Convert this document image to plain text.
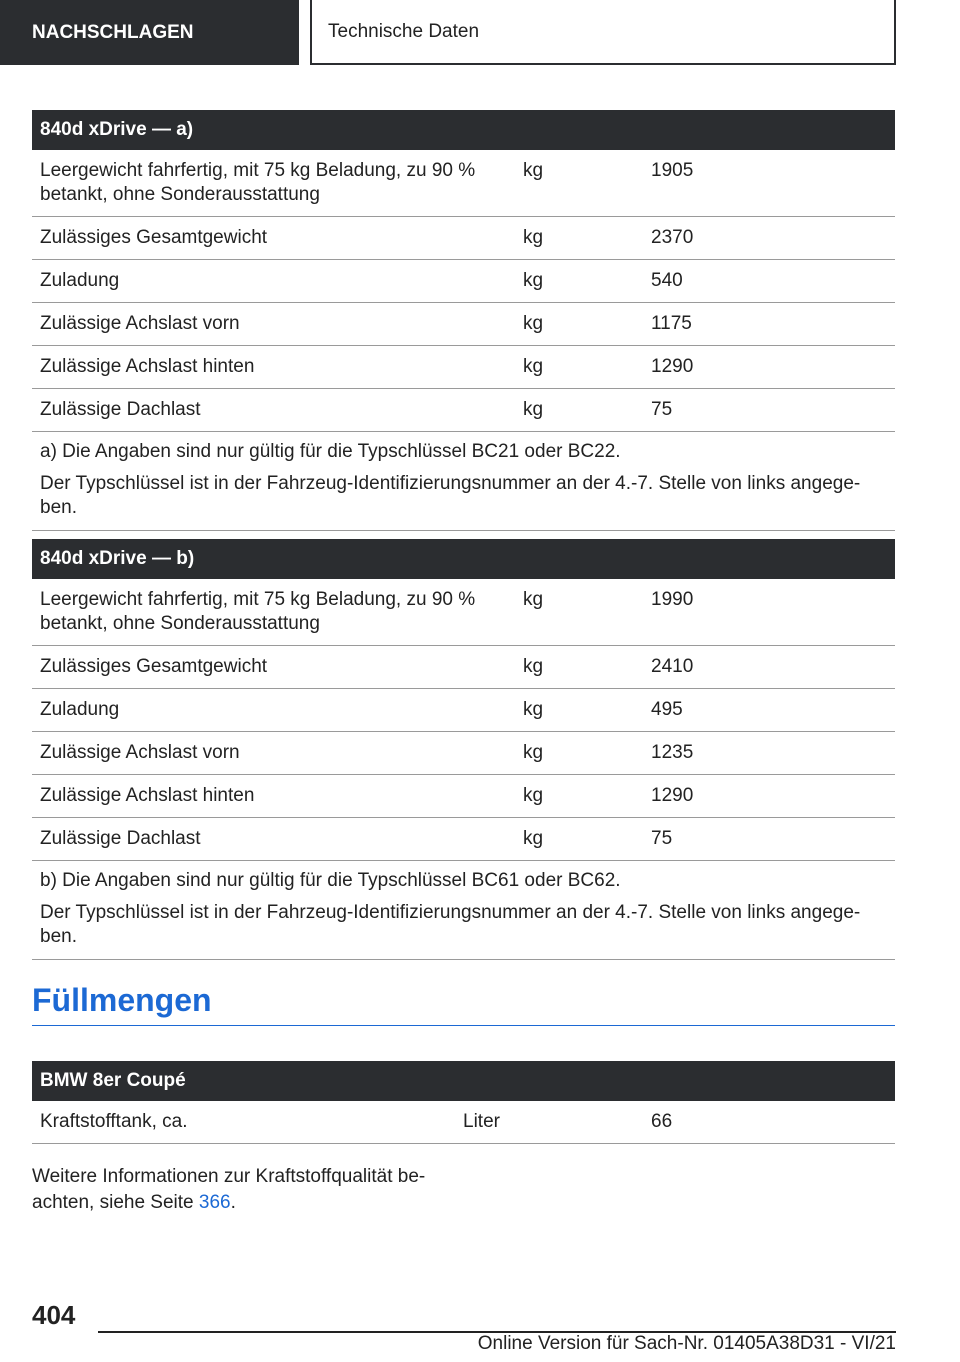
NACHSCHLAGEN	Technische Daten
840d xDrive — a)		
Leergewicht fahrfertig, mit 75 kg Beladung, zu 90 % betankt, ohne Sonderausstattung	kg	1905
Zulässiges Gesamtgewicht	kg	2370
Zuladung	kg	540
Zulässige Achslast vorn	kg	1175
Zulässige Achslast hinten	kg	1290
Zulässige Dachlast	kg	75

a) Die Angaben sind nur gültig für die Typschlüssel BC21 oder BC22.

Der Typschlüssel ist in der Fahrzeug-Identifizierungsnummer an der 4.-7. Stelle von links angege-ben.		

840d xDrive — b)		
Leergewicht fahrfertig, mit 75 kg Beladung, zu 90 % betankt, ohne Sonderausstattung	kg	1990
Zulässiges Gesamtgewicht	kg	2410
Zuladung	kg	495
Zulässige Achslast vorn	kg	1235
Zulässige Achslast hinten	kg	1290
Zulässige Dachlast	kg	75

b) Die Angaben sind nur gültig für die Typschlüssel BC61 oder BC62.

Der Typschlüssel ist in der Fahrzeug-Identifizierungsnummer an der 4.-7. Stelle von links angege-ben.		

Füllmengen
BMW 8er Coupé
Kraftstofftank, ca.	Liter	66
Weitere Informationen zur Kraftstoffqualität be-achten, siehe Seite 366.
404
Online Version für Sach-Nr. 01405A38D31 - VI/21
